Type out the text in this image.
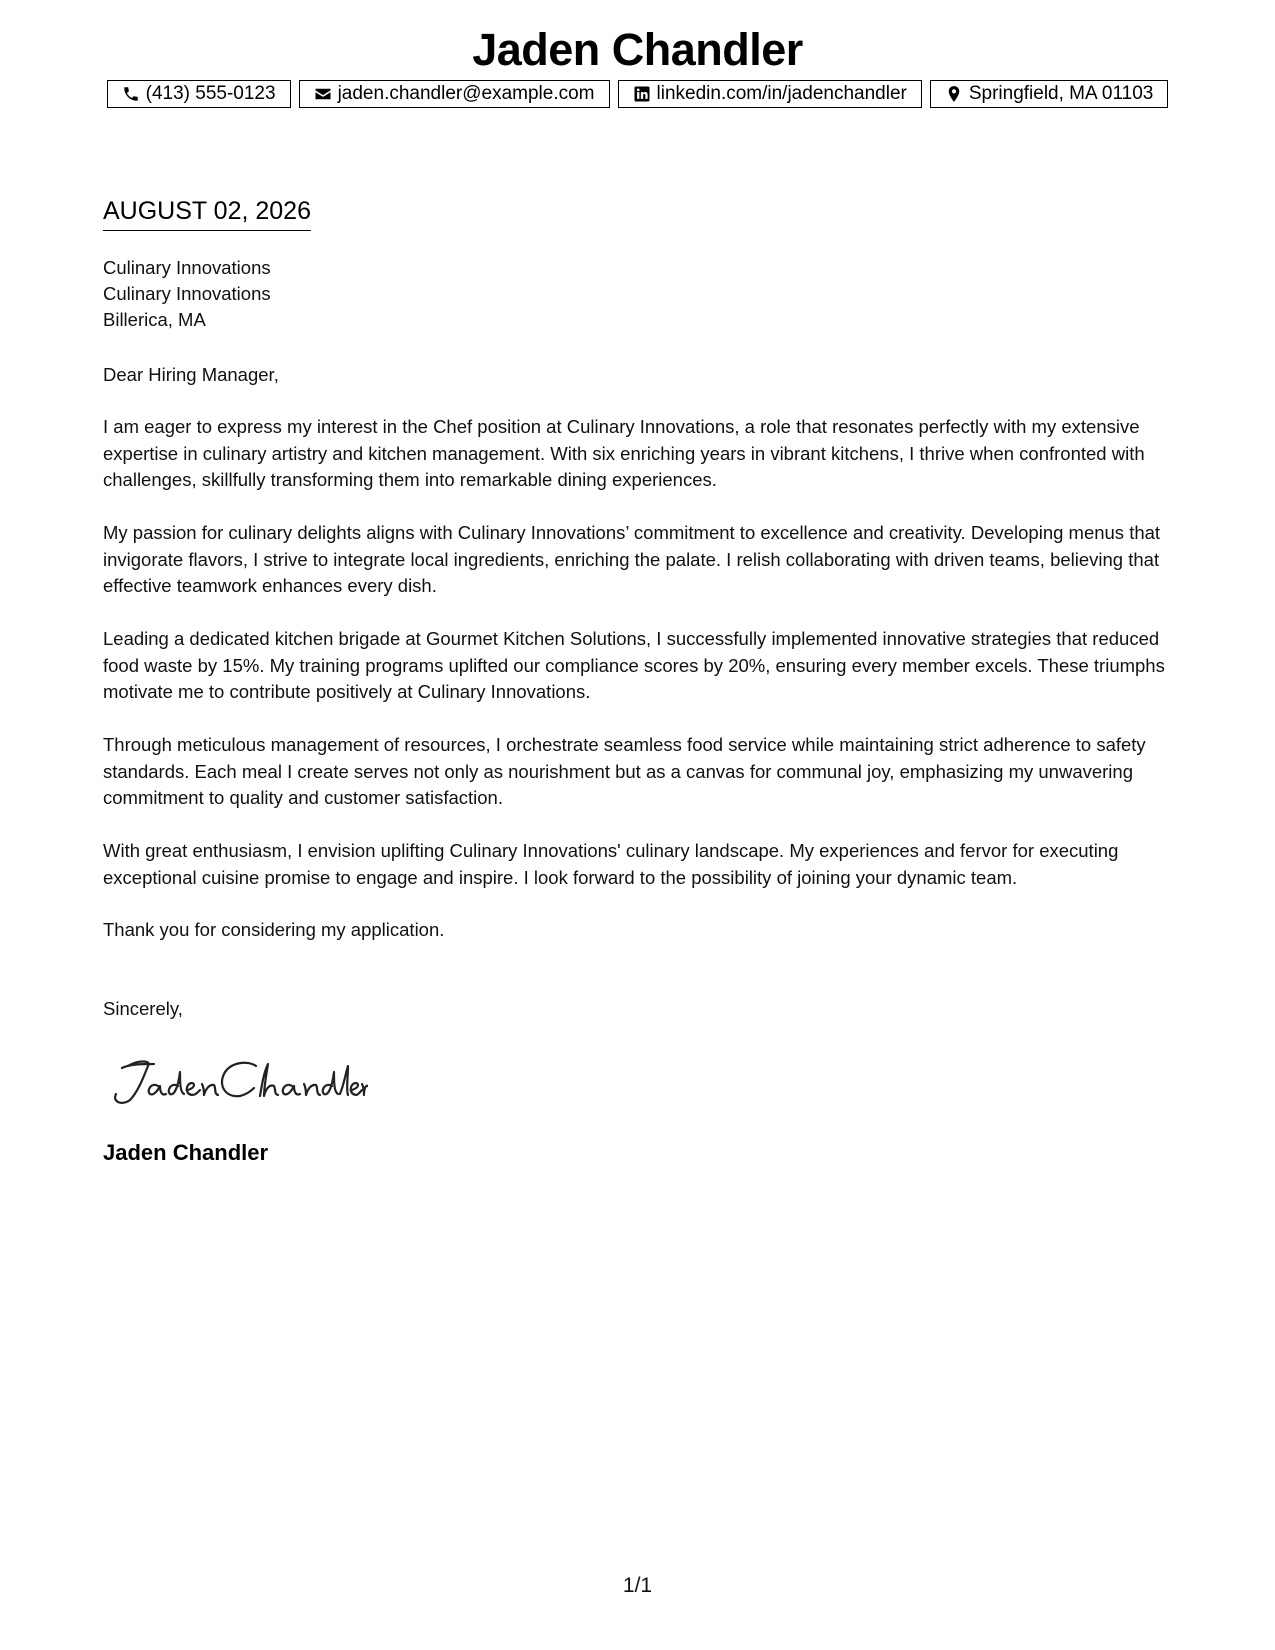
Jaden Chandler
(413) 555-0123	jaden.chandler@example.com	linkedin.com/in/jadenchandler	Springfield, MA 01103
AUGUST 02, 2026
Culinary Innovations
Culinary Innovations
Billerica, MA
Dear Hiring Manager,

I am eager to express my interest in the Chef position at Culinary Innovations, a role that resonates perfectly with my extensive expertise in culinary artistry and kitchen management. With six enriching years in vibrant kitchens, I thrive when confronted with challenges, skillfully transforming them into remarkable dining experiences.

My passion for culinary delights aligns with Culinary Innovations’ commitment to excellence and creativity. Developing menus that invigorate flavors, I strive to integrate local ingredients, enriching the palate. I relish collaborating with driven teams, believing that effective teamwork enhances every dish.

Leading a dedicated kitchen brigade at Gourmet Kitchen Solutions, I successfully implemented innovative strategies that reduced food waste by 15%. My training programs uplifted our compliance scores by 20%, ensuring every member excels. These triumphs motivate me to contribute positively at Culinary Innovations.

Through meticulous management of resources, I orchestrate seamless food service while maintaining strict adherence to safety standards. Each meal I create serves not only as nourishment but as a canvas for communal joy, emphasizing my unwavering commitment to quality and customer satisfaction.

With great enthusiasm, I envision uplifting Culinary Innovations' culinary landscape. My experiences and fervor for executing exceptional cuisine promise to engage and inspire. I look forward to the possibility of joining your dynamic team.

Thank you for considering my application.
Sincerely,
Jaden Chandler
1/1
